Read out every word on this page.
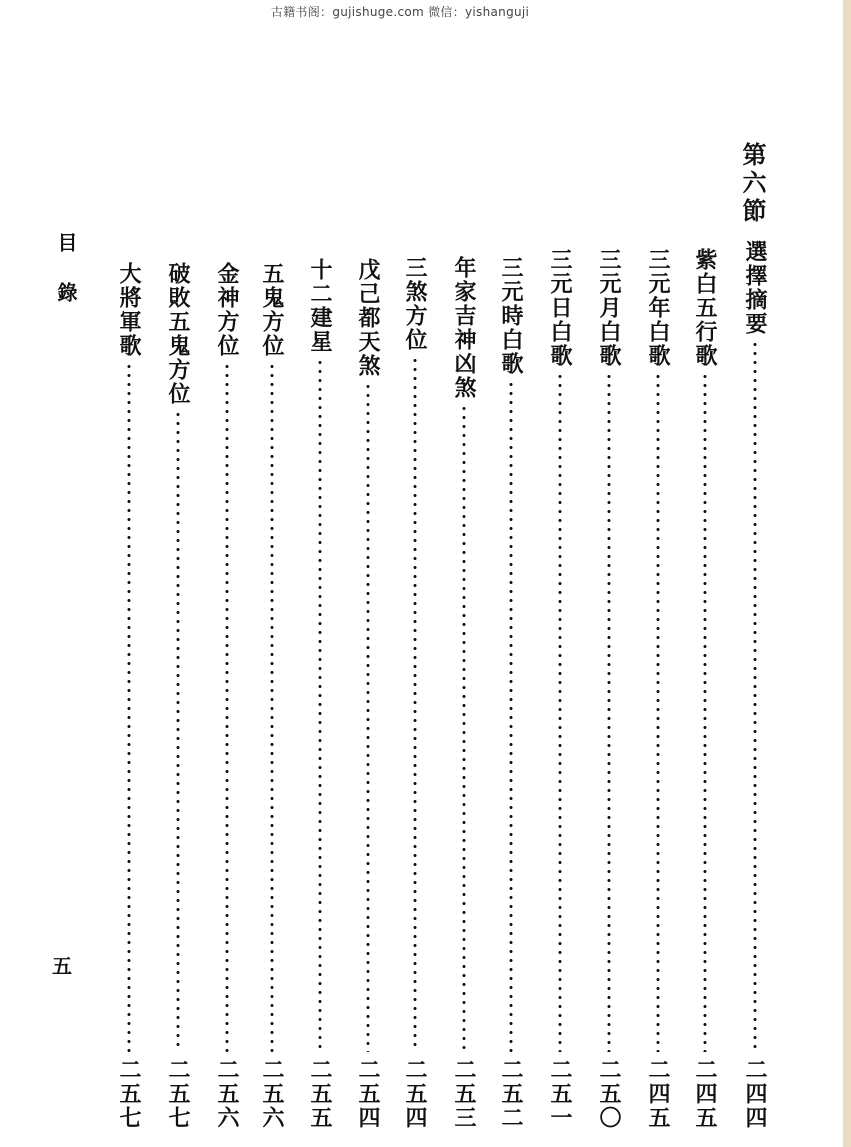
古籍书阁：gujishuge.com 微信：yishanguji
第六節
選擇摘要
二四四
紫白五行歌
二四五
三元年白歌
二四五
三元月白歌
二五〇
三元日白歌
二五一
三元時白歌
二五二
年家吉神凶煞
二五三
三煞方位
二五四
戊己都天煞
二五四
十二建星
二五五
五鬼方位
二五六
金神方位
二五六
破敗五鬼方位
二五七
大將軍歌
二五七
目錄
五
